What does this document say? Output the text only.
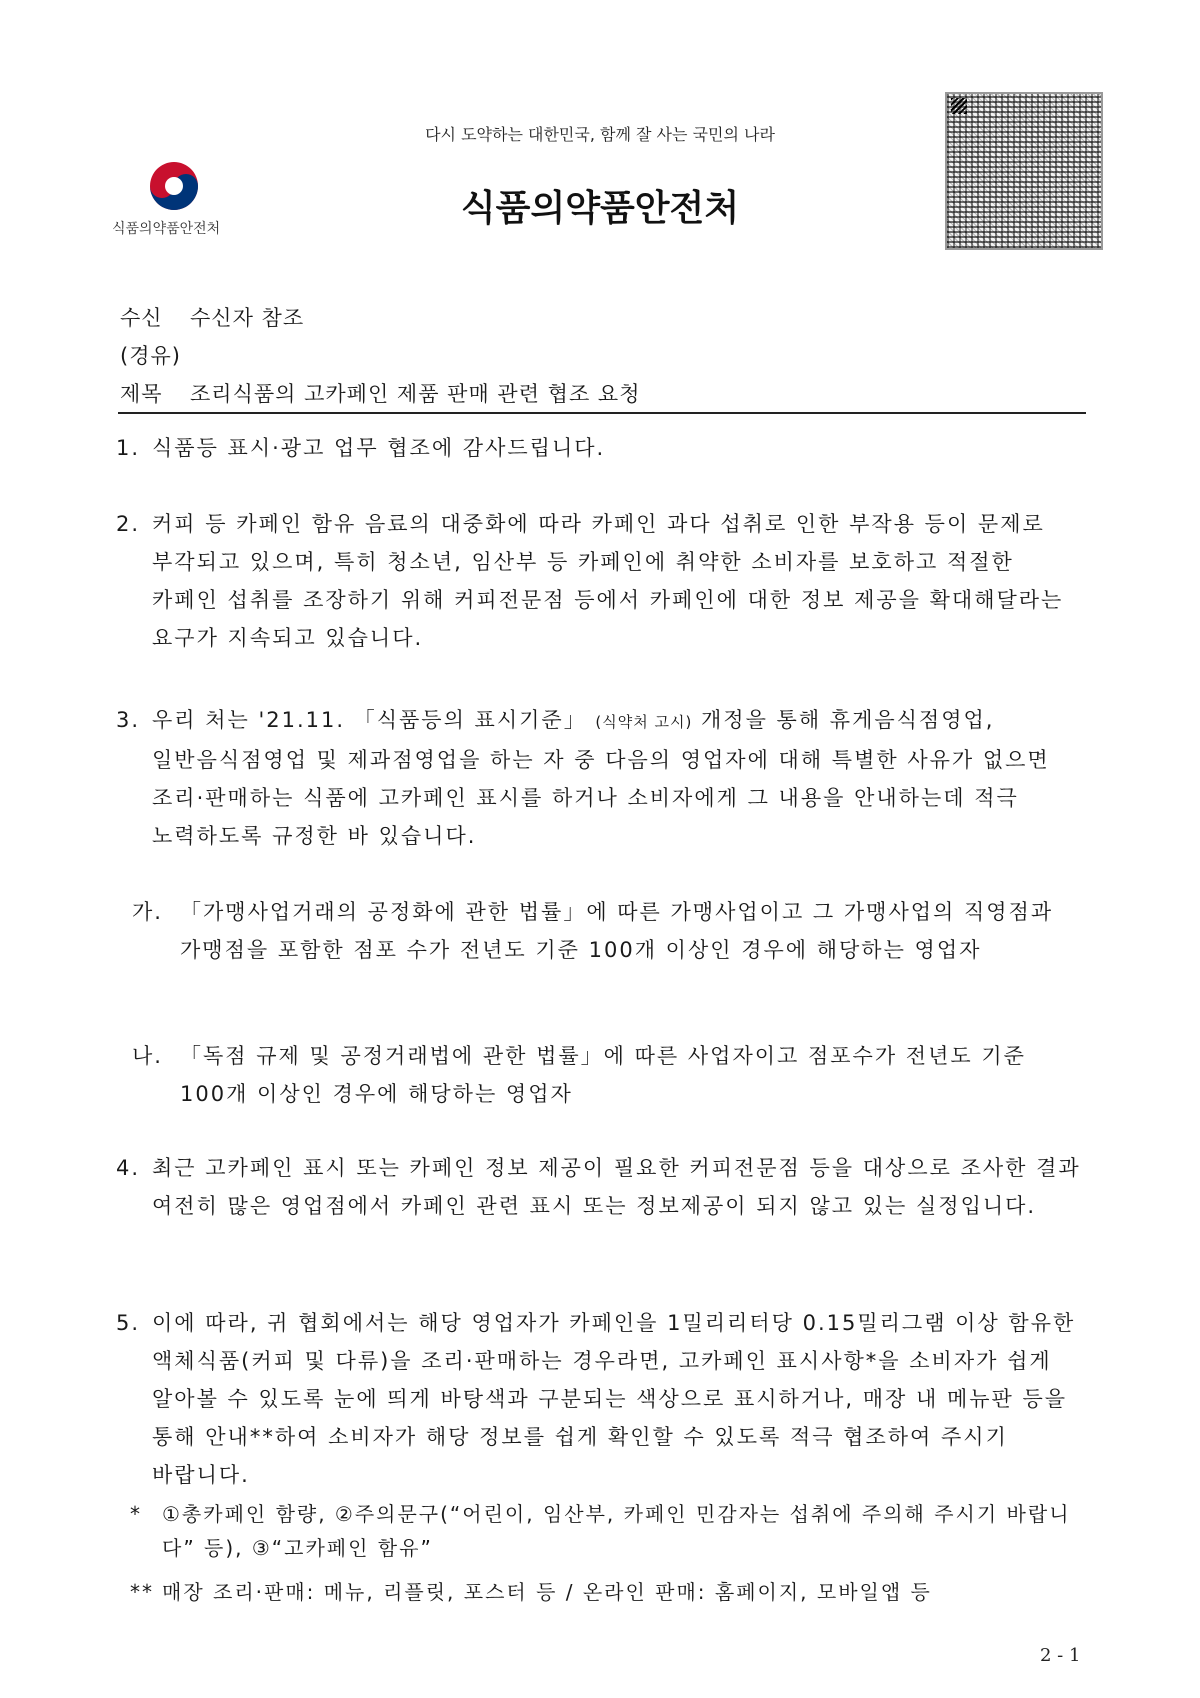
다시 도약하는 대한민국, 함께 잘 사는 국민의 나라
식품의약품안전처	식품의약품안전처
수신 수신자 참조
(경유)
제목 조리식품의 고카페인 제품 판매 관련 협조 요청
1. 식품등 표시·광고 업무 협조에 감사드립니다.
2. 커피 등 카페인 함유 음료의 대중화에 따라 카페인 과다 섭취로 인한 부작용 등이 문제로 부각되고 있으며, 특히 청소년, 임산부 등 카페인에 취약한 소비자를 보호하고 적절한 카페인 섭취를 조장하기 위해 커피전문점 등에서 카페인에 대한 정보 제공을 확대해달라는 요구가 지속되고 있습니다.
3. 우리 처는 '21.11. 「식품등의 표시기준」 (식약처 고시) 개정을 통해 휴게음식점영업, 일반음식점영업 및 제과점영업을 하는 자 중 다음의 영업자에 대해 특별한 사유가 없으면 조리·판매하는 식품에 고카페인 표시를 하거나 소비자에게 그 내용을 안내하는데 적극 노력하도록 규정한 바 있습니다.
가. 「가맹사업거래의 공정화에 관한 법률」에 따른 가맹사업이고 그 가맹사업의 직영점과 가맹점을 포함한 점포 수가 전년도 기준 100개 이상인 경우에 해당하는 영업자
나. 「독점 규제 및 공정거래법에 관한 법률」에 따른 사업자이고 점포수가 전년도 기준 100개 이상인 경우에 해당하는 영업자
4. 최근 고카페인 표시 또는 카페인 정보 제공이 필요한 커피전문점 등을 대상으로 조사한 결과 여전히 많은 영업점에서 카페인 관련 표시 또는 정보제공이 되지 않고 있는 실정입니다.
5. 이에 따라, 귀 협회에서는 해당 영업자가 카페인을 1밀리리터당 0.15밀리그램 이상 함유한 액체식품(커피 및 다류)을 조리·판매하는 경우라면, 고카페인 표시사항*을 소비자가 쉽게 알아볼 수 있도록 눈에 띄게 바탕색과 구분되는 색상으로 표시하거나, 매장 내 메뉴판 등을 통해 안내**하여 소비자가 해당 정보를 쉽게 확인할 수 있도록 적극 협조하여 주시기 바랍니다.
* ①총카페인 함량, ②주의문구(“어린이, 임산부, 카페인 민감자는 섭취에 주의해 주시기 바랍니다” 등), ③“고카페인 함유”
** 매장 조리·판매: 메뉴, 리플릿, 포스터 등 / 온라인 판매: 홈페이지, 모바일앱 등
2 - 1
